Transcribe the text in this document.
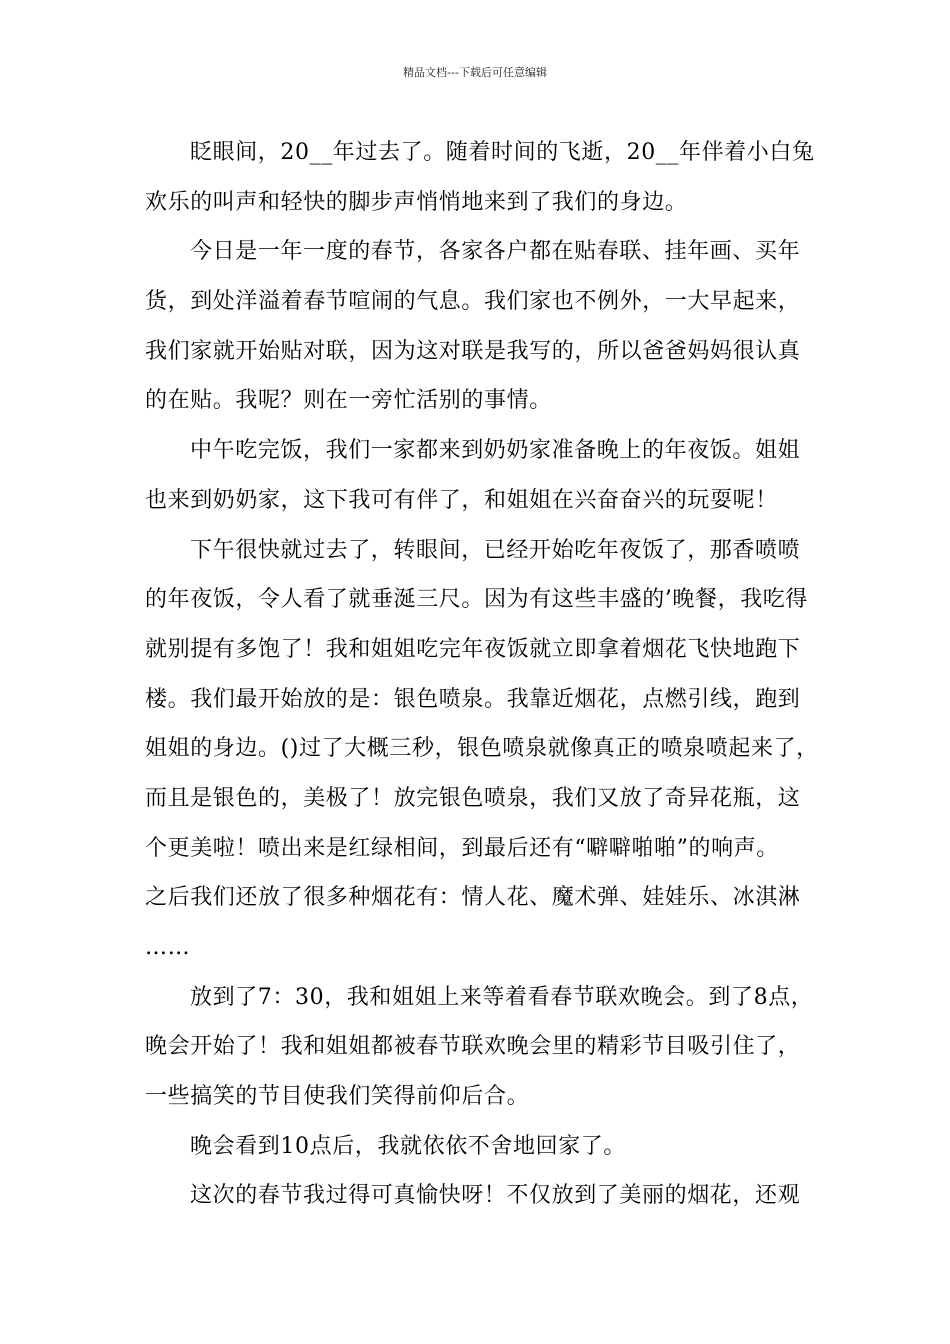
精品文档---下载后可任意编辑
眨眼间，20__年过去了。随着时间的飞逝，20__年伴着小白兔
欢乐的叫声和轻快的脚步声悄悄地来到了我们的身边。
今日是一年一度的春节，各家各户都在贴春联、挂年画、买年
货，到处洋溢着春节喧闹的气息。我们家也不例外，一大早起来，
我们家就开始贴对联，因为这对联是我写的，所以爸爸妈妈很认真
的在贴。我呢？则在一旁忙活别的事情。
中午吃完饭，我们一家都来到奶奶家准备晚上的年夜饭。姐姐
也来到奶奶家，这下我可有伴了，和姐姐在兴奋奋兴的玩耍呢！
下午很快就过去了，转眼间，已经开始吃年夜饭了，那香喷喷
的年夜饭，令人看了就垂涎三尺。因为有这些丰盛的’晚餐，我吃得
就别提有多饱了！我和姐姐吃完年夜饭就立即拿着烟花飞快地跑下
楼。我们最开始放的是：银色喷泉。我靠近烟花，点燃引线，跑到
姐姐的身边。()过了大概三秒，银色喷泉就像真正的喷泉喷起来了，
而且是银色的，美极了！放完银色喷泉，我们又放了奇异花瓶，这
个更美啦！喷出来是红绿相间，到最后还有“噼噼啪啪”的响声。
之后我们还放了很多种烟花有：情人花、魔术弹、娃娃乐、冰淇淋
……
放到了7：30，我和姐姐上来等着看春节联欢晚会。到了8点，
晚会开始了！我和姐姐都被春节联欢晚会里的精彩节目吸引住了，
一些搞笑的节目使我们笑得前仰后合。
晚会看到10点后，我就依依不舍地回家了。
这次的春节我过得可真愉快呀！不仅放到了美丽的烟花，还观
